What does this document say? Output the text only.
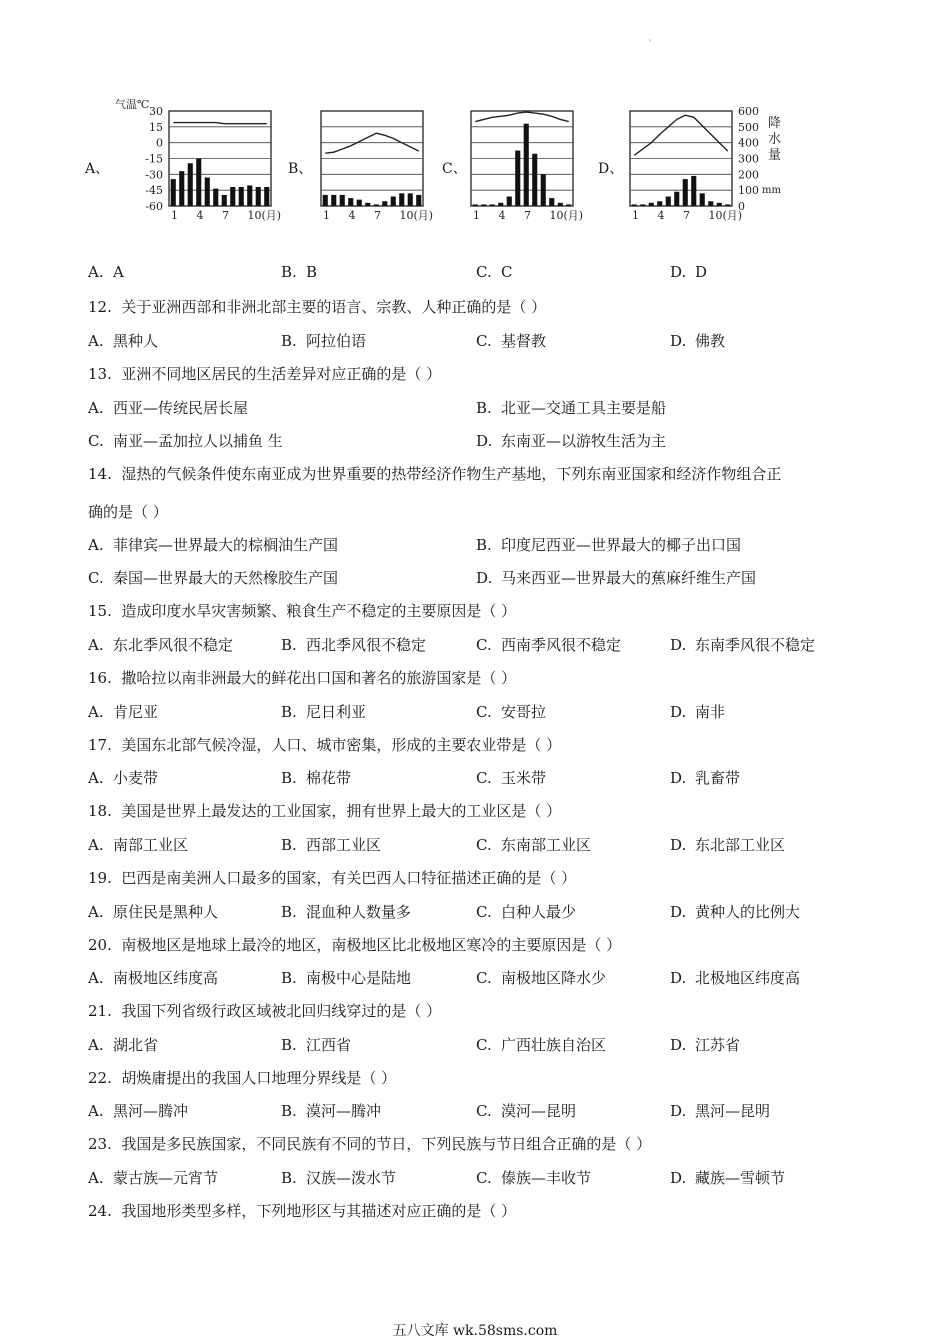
`
A、	B、	C、	D、
1 4 7 10(月)	1 4 7 10(月)	1 4 7 10(月)	1 4 7 10(月)
气温℃
30
15
0
-15
-30
-45
-60
600
500
400
300
200
100
0
降
水
量
mm
A. A	B. B	C. C	D. D
12. 关于亚洲西部和非洲北部主要的语言、宗教、人种正确的是（ ）
A. 黑种人	B. 阿拉伯语	C. 基督教	D. 佛教
13. 亚洲不同地区居民的生活差异对应正确的是（ ）
A. 西亚—传统民居长屋	B. 北亚—交通工具主要是船
C. 南亚—孟加拉人以捕鱼 生	D. 东南亚—以游牧生活为主
14. 湿热的气候条件使东南亚成为世界重要的热带经济作物生产基地，下列东南亚国家和经济作物组合正
确的是（ ）
A. 菲律宾—世界最大的棕榈油生产国	B. 印度尼西亚—世界最大的椰子出口国
C. 秦国—世界最大的天然橡胶生产国	D. 马来西亚—世界最大的蕉麻纤维生产国
15. 造成印度水旱灾害频繁、粮食生产不稳定的主要原因是（ ）
A. 东北季风很不稳定	B. 西北季风很不稳定	C. 西南季风很不稳定	D. 东南季风很不稳定
16. 撒哈拉以南非洲最大的鲜花出口国和著名的旅游国家是（ ）
A. 肯尼亚	B. 尼日利亚	C. 安哥拉	D. 南非
17. 美国东北部气候冷湿，人口、城市密集，形成的主要农业带是（ ）
A. 小麦带	B. 棉花带	C. 玉米带	D. 乳畜带
18. 美国是世界上最发达的工业国家，拥有世界上最大的工业区是（ ）
A. 南部工业区	B. 西部工业区	C. 东南部工业区	D. 东北部工业区
19. 巴西是南美洲人口最多的国家，有关巴西人口特征描述正确的是（ ）
A. 原住民是黑种人	B. 混血种人数量多	C. 白种人最少	D. 黄种人的比例大
20. 南极地区是地球上最冷的地区，南极地区比北极地区寒冷的主要原因是（ ）
A. 南极地区纬度高	B. 南极中心是陆地	C. 南极地区降水少	D. 北极地区纬度高
21. 我国下列省级行政区域被北回归线穿过的是（ ）
A. 湖北省	B. 江西省	C. 广西壮族自治区	D. 江苏省
22. 胡焕庸提出的我国人口地理分界线是（ ）
A. 黑河—腾冲	B. 漠河—腾冲	C. 漠河—昆明	D. 黑河—昆明
23. 我国是多民族国家，不同民族有不同的节日，下列民族与节日组合正确的是（ ）
A. 蒙古族—元宵节	B. 汉族—泼水节	C. 傣族—丰收节	D. 藏族—雪顿节
24. 我国地形类型多样，下列地形区与其描述对应正确的是（ ）
五八文库 wk.58sms.com
